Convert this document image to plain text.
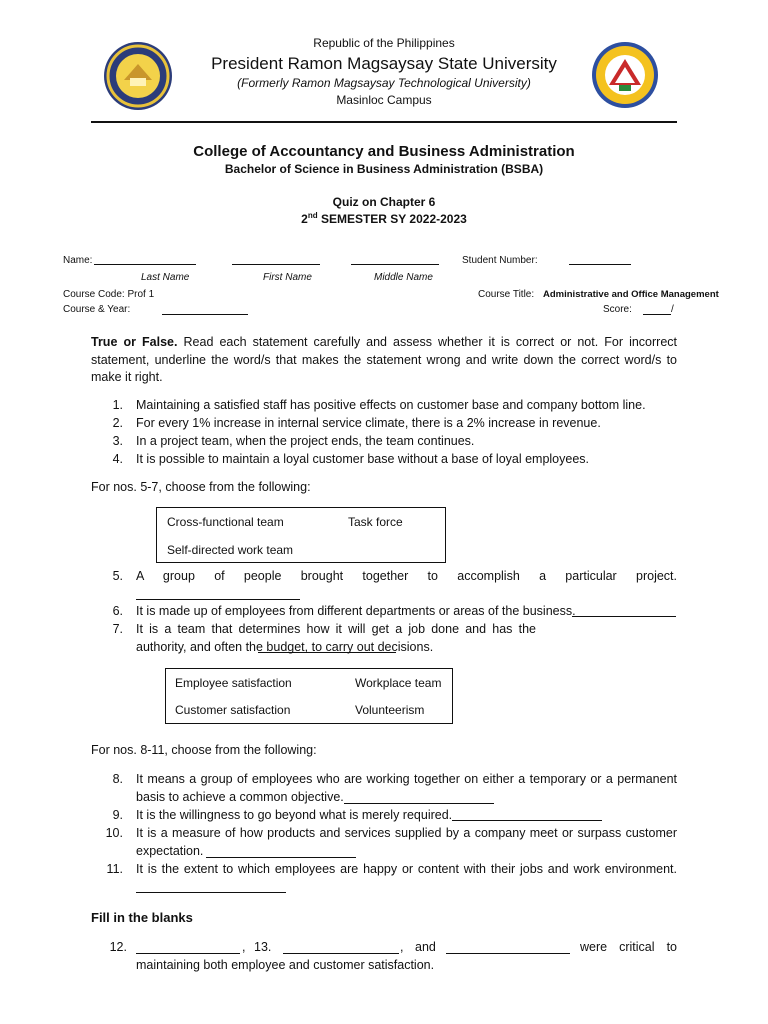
Republic of the Philippines
President Ramon Magsaysay State University
(Formerly Ramon Magsaysay Technological University)
Masinloc Campus
College of Accountancy and Business Administration
Bachelor of Science in Business Administration (BSBA)
Quiz on Chapter 6
2nd SEMESTER SY 2022-2023
Name:	Student Number:
Last Name	First Name	Middle Name
Course Code: Prof 1	Course Title: Administrative and Office Management
Course & Year:	Score:	/
True or False. Read each statement carefully and assess whether it is correct or not. For incorrect statement, underline the word/s that makes the statement wrong and write down the correct word/s to make it right.
1. Maintaining a satisfied staff has positive effects on customer base and company bottom line.
2. For every 1% increase in internal service climate, there is a 2% increase in revenue.
3. In a project team, when the project ends, the team continues.
4. It is possible to maintain a loyal customer base without a base of loyal employees.
For nos. 5-7, choose from the following:
Cross-functional team	Task force
Self-directed work team
5. A group of people brought together to accomplish a particular project.
6. It is made up of employees from different departments or areas of the business.
7. It is a team that determines how it will get a job done and has the authority, and often the budget, to carry out decisions.
Employee satisfaction	Workplace team
Customer satisfaction	Volunteerism
For nos. 8-11, choose from the following:
8. It means a group of employees who are working together on either a temporary or a permanent basis to achieve a common objective.
9. It is the willingness to go beyond what is merely required.
10. It is a measure of how products and services supplied by a company meet or surpass customer expectation.
11. It is the extent to which employees are happy or content with their jobs and work environment.
Fill in the blanks
12.	, 13.	, and	were critical to
maintaining both employee and customer satisfaction.
